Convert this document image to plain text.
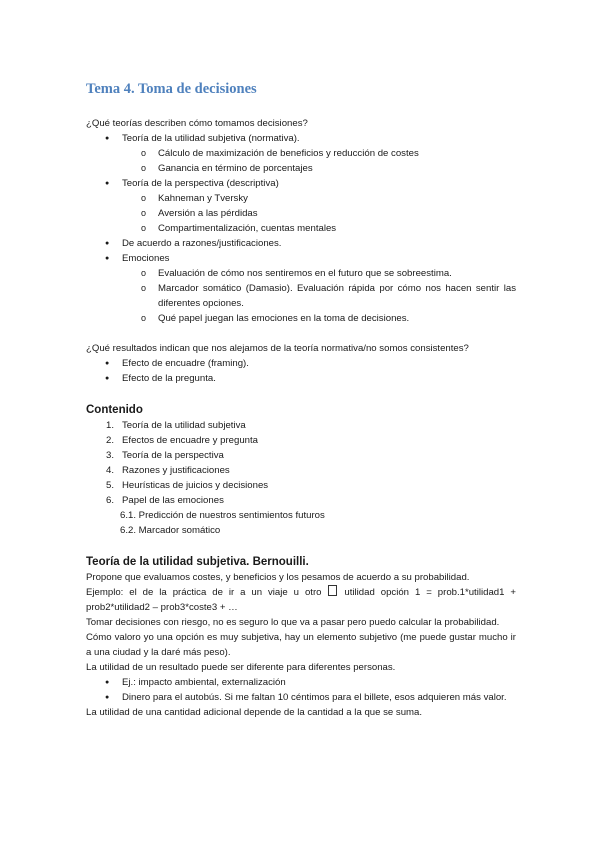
Tema 4. Toma de decisiones

¿Qué teorías describen cómo tomamos decisiones?

● Teoría de la utilidad subjetiva (normativa).
o Cálculo de maximización de beneficios y reducción de costes
o Ganancia en término de porcentajes
● Teoría de la perspectiva (descriptiva)
o Kahneman y Tversky
o Aversión a las pérdidas
o Compartimentalización, cuentas mentales
● De acuerdo a razones/justificaciones.
● Emociones
o Evaluación de cómo nos sentiremos en el futuro que se sobreestima.
o Marcador somático (Damasio). Evaluación rápida por cómo nos hacen sentir las diferentes opciones.
o Qué papel juegan las emociones en la toma de decisiones.

¿Qué resultados indican que nos alejamos de la teoría normativa/no somos consistentes?

● Efecto de encuadre (framing).
● Efecto de la pregunta.

Contenido

1. Teoría de la utilidad subjetiva
2. Efectos de encuadre y pregunta
3. Teoría de la perspectiva
4. Razones y justificaciones
5. Heurísticas de juicios y decisiones
6. Papel de las emociones
6.1. Predicción de nuestros sentimientos futuros
6.2. Marcador somático

Teoría de la utilidad subjetiva. Bernouilli.

Propone que evaluamos costes, y beneficios y los pesamos de acuerdo a su probabilidad.

Ejemplo: el de la práctica de ir a un viaje u otro utilidad opción 1 = prob.1*utilidad1 + prob2*utilidad2 – prob3*coste3 + …

Tomar decisiones con riesgo, no es seguro lo que va a pasar pero puedo calcular la probabilidad.

Cómo valoro yo una opción es muy subjetiva, hay un elemento subjetivo (me puede gustar mucho ir a una ciudad y la daré más peso).

La utilidad de un resultado puede ser diferente para diferentes personas.

● Ej.: impacto ambiental, externalización
● Dinero para el autobús. Si me faltan 10 céntimos para el billete, esos adquieren más valor.

La utilidad de una cantidad adicional depende de la cantidad a la que se suma.
